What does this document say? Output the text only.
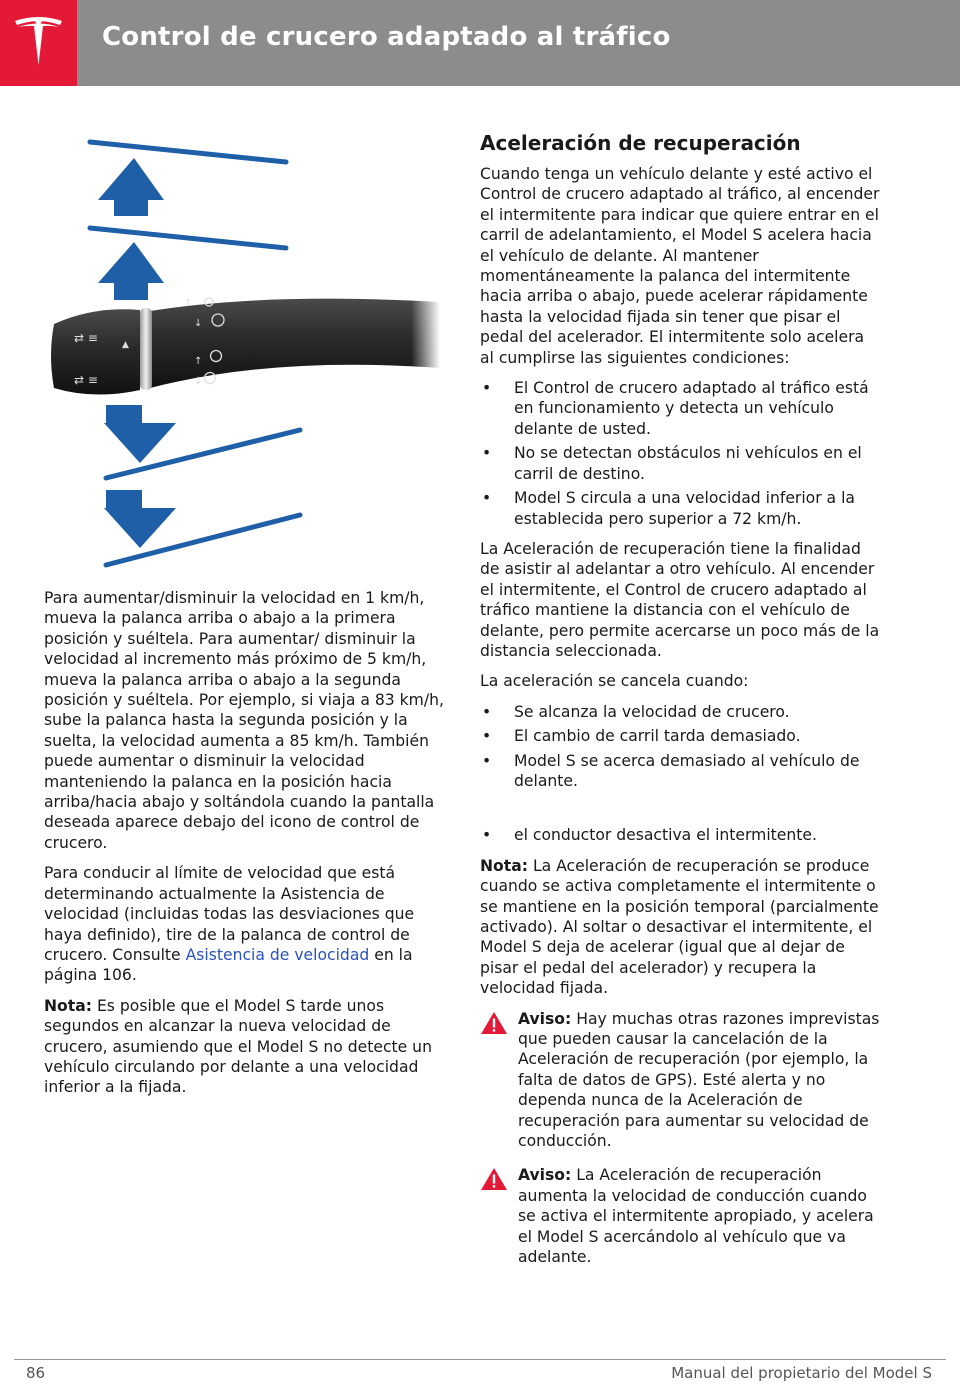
Control de crucero adaptado al tráfico
⇄ ≡
⇄ ≡
▲
↑
↓
↑
↓

Para aumentar/disminuir la velocidad en 1 km/h, mueva la palanca arriba o abajo a la primera posición y suéltela. Para aumentar/ disminuir la velocidad al incremento más próximo de 5 km/h, mueva la palanca arriba o abajo a la segunda posición y suéltela. Por ejemplo, si viaja a 83 km/h, sube la palanca hasta la segunda posición y la suelta, la velocidad aumenta a 85 km/h. También puede aumentar o disminuir la velocidad manteniendo la palanca en la posición hacia arriba/hacia abajo y soltándola cuando la pantalla deseada aparece debajo del icono de control de crucero.

Para conducir al límite de velocidad que está determinando actualmente la Asistencia de velocidad (incluidas todas las desviaciones que haya definido), tire de la palanca de control de crucero. Consulte Asistencia de velocidad en la página 106.

Nota: Es posible que el Model S tarde unos segundos en alcanzar la nueva velocidad de crucero, asumiendo que el Model S no detecte un vehículo circulando por delante a una velocidad inferior a la fijada.

Aceleración de recuperación

Cuando tenga un vehículo delante y esté activo el Control de crucero adaptado al tráfico, al encender el intermitente para indicar que quiere entrar en el carril de adelantamiento, el Model S acelera hacia el vehículo de delante. Al mantener momentáneamente la palanca del intermitente hacia arriba o abajo, puede acelerar rápidamente hasta la velocidad fijada sin tener que pisar el pedal del acelerador. El intermitente solo acelera al cumplirse las siguientes condiciones:

• El Control de crucero adaptado al tráfico está en funcionamiento y detecta un vehículo delante de usted.
• No se detectan obstáculos ni vehículos en el carril de destino.
• Model S circula a una velocidad inferior a la establecida pero superior a 72 km/h.

La Aceleración de recuperación tiene la finalidad de asistir al adelantar a otro vehículo. Al encender el intermitente, el Control de crucero adaptado al tráfico mantiene la distancia con el vehículo de delante, pero permite acercarse un poco más de la distancia seleccionada.

La aceleración se cancela cuando:

• Se alcanza la velocidad de crucero.
• El cambio de carril tarda demasiado.
• Model S se acerca demasiado al vehículo de delante.
• el conductor desactiva el intermitente.

Nota: La Aceleración de recuperación se produce cuando se activa completamente el intermitente o se mantiene en la posición temporal (parcialmente activado). Al soltar o desactivar el intermitente, el Model S deja de acelerar (igual que al dejar de pisar el pedal del acelerador) y recupera la velocidad fijada.

Aviso: Hay muchas otras razones imprevistas que pueden causar la cancelación de la Aceleración de recuperación (por ejemplo, la falta de datos de GPS). Esté alerta y no dependa nunca de la Aceleración de recuperación para aumentar su velocidad de conducción.
Aviso: La Aceleración de recuperación aumenta la velocidad de conducción cuando se activa el intermitente apropiado, y acelera el Model S acercándolo al vehículo que va adelante.
86	Manual del propietario del Model S
